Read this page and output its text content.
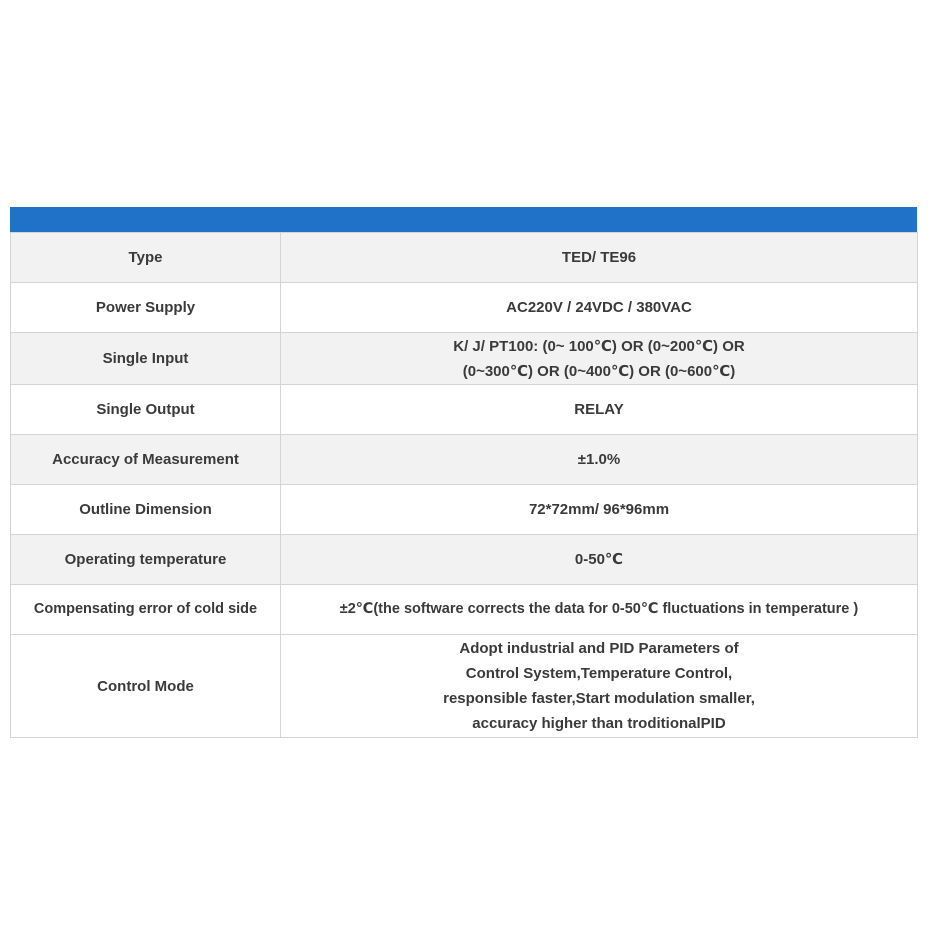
Type	TED/ TE96
Power Supply	AC220V / 24VDC / 380VAC
Single Input	K/ J/ PT100: (0~ 100℃) OR (0~200℃) OR
(0~300℃) OR (0~400℃) OR (0~600℃)
Single Output	RELAY
Accuracy of Measurement	±1.0%
Outline Dimension	72*72mm/ 96*96mm
Operating temperature	0-50℃
Compensating error of cold side	±2℃(the software corrects the data for 0-50℃ fluctuations in temperature )
Control Mode	Adopt industrial and PID Parameters of
Control System,Temperature Control,
responsible faster,Start modulation smaller,
accuracy higher than troditionalPID
